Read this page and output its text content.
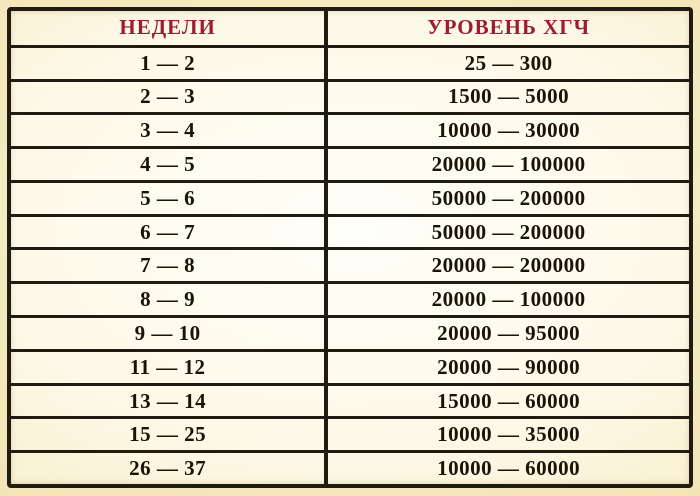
НЕДЕЛИ	УРОВЕНЬ ХГЧ
1 — 2	25 — 300
2 — 3	1500 — 5000
3 — 4	10000 — 30000
4 — 5	20000 — 100000
5 — 6	50000 — 200000
6 — 7	50000 — 200000
7 — 8	20000 — 200000
8 — 9	20000 — 100000
9 — 10	20000 — 95000
11 — 12	20000 — 90000
13 — 14	15000 — 60000
15 — 25	10000 — 35000
26 — 37	10000 — 60000
